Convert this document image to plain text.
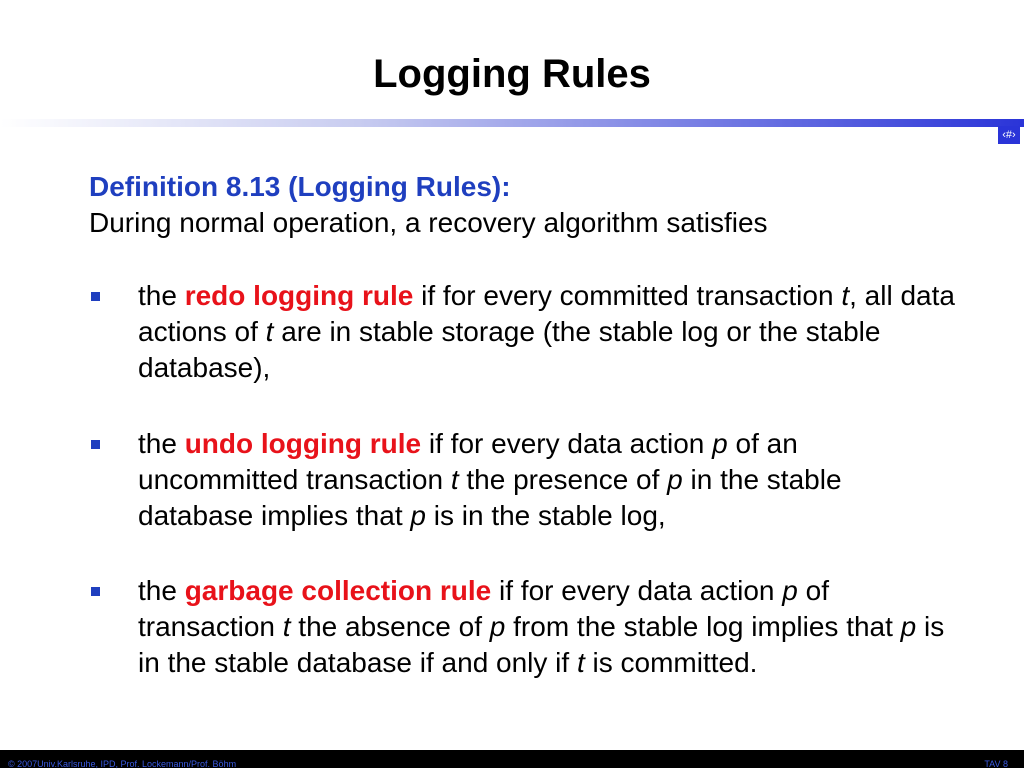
Logging Rules
‹#›
Definition 8.13 (Logging Rules):
During normal operation, a recovery algorithm satisfies
the redo logging rule if for every committed transaction t, all data actions of t are in stable storage (the stable log or the stable database),
the undo logging rule if for every data action p of an uncommitted transaction t the presence of p in the stable database implies that p is in the stable log,
the garbage collection rule if for every data action p of transaction t the absence of p from the stable log implies that p is in the stable database if and only if t is committed.
© 2007Univ.Karlsruhe, IPD, Prof. Lockemann/Prof. Böhm	TAV 8
